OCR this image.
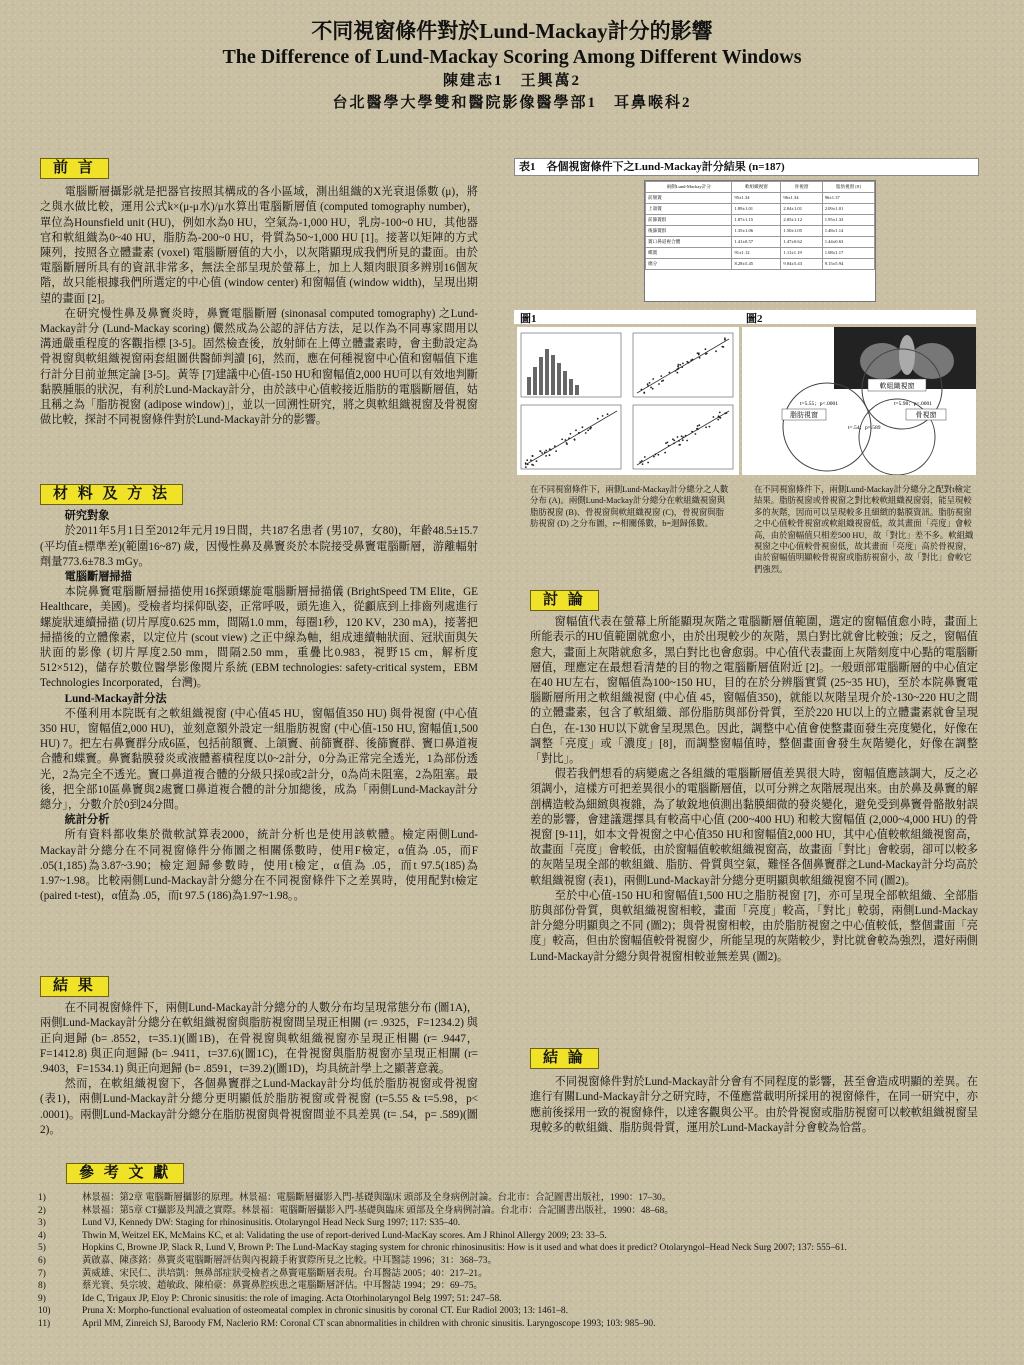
不同視窗條件對於Lund-Mackay計分的影響
The Difference of Lund-Mackay Scoring Among Different Windows
陳建志1　王興萬2
台北醫學大學雙和醫院影像醫學部1　耳鼻喉科2
前 言

電腦斷層攝影就是把器官按照其構成的各小區域，測出組織的X光衰退係數 (μ)，將之與水做比較，運用公式k×(μ-μ水)/μ水算出電腦斷層值 (computed tomography number)，單位為Hounsfield unit (HU)，例如水為0 HU，空氣為-1,000 HU，乳房-100~0 HU，其他器官和軟組織為0~40 HU，脂肪為-200~0 HU，骨質為50~1,000 HU [1]。接著以矩陣的方式陳列，按照各立體畫素 (voxel) 電腦斷層值的大小，以灰階顯現成我們所見的畫面。由於電腦斷層所具有的資訊非常多，無法全部呈現於螢幕上，加上人類肉眼頂多辨別16個灰階，故只能根據我們所選定的中心值 (window center) 和窗幅值 (window width)，呈現出期望的畫面 [2]。

在研究慢性鼻及鼻竇炎時，鼻竇電腦斷層 (sinonasal computed tomography) 之Lund-Mackay計分 (Lund-Mackay scoring) 儼然成為公認的評估方法，足以作為不同專家間用以溝通嚴重程度的客觀指標 [3-5]。固然檢查後，放射師在上傳立體畫素時，會主動設定為骨視窗與軟組織視窗兩套組圖供醫師判讀 [6]，然而，應在何種視窗中心值和窗幅值下進行計分目前並無定論 [3-5]。黃等 [7]建議中心值-150 HU和窗幅值2,000 HU可以有效地判斷黏膜腫脹的狀況，有利於Lund-Mackay計分，由於該中心值較接近脂肪的電腦斷層值，姑且稱之為「脂肪視窗 (adipose window)」，並以一回溯性研究，將之與軟組織視窗及骨視窗做比較，探討不同視窗條件對於Lund-Mackay計分的影響。

材 料 及 方 法

研究對象

於2011年5月1日至2012年元月19日間，共187名患者 (男107，女80)，年齡48.5±15.7 (平均值±標準差)(範圍16~87) 歲，因慢性鼻及鼻竇炎於本院接受鼻竇電腦斷層，游離輻射劑量773.6±78.3 mGy。

電腦斷層掃描

本院鼻竇電腦斷層掃描使用16探頭螺旋電腦斷層掃描儀 (BrightSpeed TM Elite，GE Healthcare，美國)。受檢者均採仰臥姿，正常呼吸，頭先進入，從顱底到上排齒列處進行螺旋狀連續掃描 (切片厚度0.625 mm，間隔1.0 mm，每圈1秒，120 KV，230 mA)，接著把掃描後的立體像素，以定位片 (scout view) 之正中線為軸，組成連續軸狀面、冠狀面與矢狀面的影像 (切片厚度2.50 mm，間隔2.50 mm，重疊比0.983，視野15 cm，解析度512×512)，儲存於數位醫學影像閱片系統 (EBM technologies: safety-critical system，EBM Technologies Incorporated，台灣)。

Lund-Mackay計分法

不僅利用本院既有之軟組織視窗 (中心值45 HU，窗幅值350 HU) 與骨視窗 (中心值350 HU，窗幅值2,000 HU)，並刻意額外設定一組脂肪視窗 (中心值-150 HU, 窗幅值1,500 HU) 7。把左右鼻竇群分成6區，包括前額竇、上頜竇、前篩竇群、後篩竇群、竇口鼻道複合體和蝶竇。鼻竇黏膜發炎或液體蓄積程度以0~2計分，0分為正常完全透光，1為部份透光，2為完全不透光。竇口鼻道複合體的分級只採0或2計分，0為尚未阻塞，2為阻塞。最後，把全部10區鼻竇與2處竇口鼻道複合體的計分加總後，成為「兩側Lund-Mackay計分總分」，分數介於0到24分間。

統計分析

所有資料都收集於微軟試算表2000，統計分析也是使用該軟體。檢定兩側Lund-Mackay計分總分在不同視窗條件分佈圖之相關係數時，使用F檢定，α值為 .05，而F .05(1,185)為3.87~3.90；檢定迴歸參數時，使用t檢定，α值為 .05，而t 97.5(185)為1.97~1.98。比較兩側Lund-Mackay計分總分在不同視窗條件下之差異時，使用配對t檢定 (paired t-test)，α值為 .05，而t 97.5 (186)為1.97~1.98。。

結 果

在不同視窗條件下，兩側Lund-Mackay計分總分的人數分布均呈現常態分布 (圖1A)，兩側Lund-Mackay計分總分在軟組織視窗與脂肪視窗間呈現正相關 (r= .9325，F=1234.2) 與正向迴歸 (b= .8552，t=35.1)(圖1B)，在骨視窗與軟組織視窗亦呈現正相關 (r= .9447，F=1412.8) 與正向迴歸 (b= .9411，t=37.6)(圖1C)，在骨視窗與脂肪視窗亦呈現正相關 (r= .9403，F=1534.1) 與正向迴歸 (b= .8591，t=39.2)(圖1D)，均具統計學上之顯著意義。

然而，在軟組織視窗下，各個鼻竇群之Lund-Mackay計分均低於脂肪視窗或骨視窗 (表1)，兩側Lund-Mackay計分總分更明顯低於脂肪視窗或骨視窗 (t=5.55 & t=5.98，p< .0001)。兩側Lund-Mackay計分總分在脂肪視窗與骨視窗間並不具差異 (t= .54，p= .589)(圖2)。

參 考 文 獻
表1　各個視窗條件下之Lund-Mackay計分結果 (n=187)
兩側Lund-Mackay計分	軟組織視窗	骨視窗	脂肪視窗 [8]
前額竇	95±1.34	96±1.34	96±1.37
上頜竇	1.89±1.01	2.04±1.01	2.09±1.01
前篩竇群	1.87±1.15	2.05±1.12	1.95±1.33
後篩竇群	1.35±1.06	1.50±1.05	1.48±1.14
竇口鼻道複合體	1.41±0.57	1.47±0.62	1.44±0.63
蝶竇	91±1.12	1.11±1.19	1.08±1.17
總分	8.28±5.45	9.04±5.43	9.15±5.94
圖1	圖2
軟組織視窗
脂肪視窗	骨視窗
t=5.55；p<.0001	t=5.98；p<.0001
t=.54；p=.589
在不同視窗條件下，兩側Lund-Mackay計分總分之人數分布 (A)。兩側Lund-Mackay計分總分在軟組織視窗與脂肪視窗 (B)、骨視窗與軟組織視窗 (C)，骨視窗與脂肪視窗 (D) 之分布圖，r=相關係數，b=迴歸係數。
在不同視窗條件下，兩側Lund-Mackay計分總分之配對t檢定結果。脂肪視窗或骨視窗之對比較軟組織視窗弱，能呈現較多的灰階，因而可以呈現較多且細緻的黏膜資訊。脂肪視窗之中心值較骨視窗或軟組織視窗低，故其畫面「亮度」會較高，由於窗幅值只相差500 HU，故「對比」差不多。軟組織視窗之中心值較骨視窗低，故其畫面「亮度」高於骨視窗，由於窗幅值明顯較骨視窗或脂肪視窗小，故「對比」會較它們強烈。
討 論

窗幅值代表在螢幕上所能顯現灰階之電腦斷層值範圍，選定的窗幅值愈小時，畫面上所能表示的HU值範圍就愈小，由於出現較少的灰階，黑白對比就會比較強；反之，窗幅值愈大，畫面上灰階就愈多，黑白對比也會愈弱。中心值代表畫面上灰階刻度中心點的電腦斷層值，理應定在最想看清楚的目的物之電腦斷層值附近 [2]。一般頭部電腦斷層的中心值定在40 HU左右，窗幅值為100~150 HU，目的在於分辨腦實質 (25~35 HU)，至於本院鼻竇電腦斷層所用之軟組織視窗 (中心值 45，窗幅值350)，就能以灰階呈現介於-130~220 HU之間的立體畫素，包含了軟組織、部份脂肪與部份骨質，至於220 HU以上的立體畫素就會呈現白色，在-130 HU以下就會呈現黑色。因此，調整中心值會使整畫面發生亮度變化，好像在調整「亮度」或「濃度」[8]，而調整窗幅值時，整個畫面會發生灰階變化，好像在調整「對比」。

假若我們想看的病變處之各組織的電腦斷層值差異很大時，窗幅值應該調大，反之必須調小，這樣方可把差異很小的電腦斷層值，以可分辨之灰階展現出來。由於鼻及鼻竇的解剖構造較為細緻與複雜，為了敏銳地偵測出黏膜細微的發炎變化，避免受到鼻竇骨骼散射誤差的影響，會建議選擇具有較高中心值 (200~400 HU) 和較大窗幅值 (2,000~4,000 HU) 的骨視窗 [9-11]，如本文骨視窗之中心值350 HU和窗幅值2,000 HU，其中心值較軟組織視窗高，故畫面「亮度」會較低，由於窗幅值較軟組織視窗高，故畫面「對比」會較弱，卻可以較多的灰階呈現全部的軟組織、脂肪、骨質與空氣，難怪各個鼻竇群之Lund-Mackay計分均高於軟組織視窗 (表1)，兩側Lund-Mackay計分總分更明顯與軟組織視窗不同 (圖2)。

至於中心值-150 HU和窗幅值1,500 HU之脂肪視窗 [7]，亦可呈現全部軟組織、全部脂肪與部份骨質，與軟組織視窗相較，畫面「亮度」較高，「對比」較弱，兩側Lund-Mackay計分總分明顯與之不同 (圖2)；與骨視窗相較，由於脂肪視窗之中心值較低，整個畫面「亮度」較高，但由於窗幅值較骨視窗少，所能呈現的灰階較少，對比就會較為強烈，還好兩側Lund-Mackay計分總分與骨視窗相較並無差異 (圖2)。

結 論

不同視窗條件對於Lund-Mackay計分會有不同程度的影響，甚至會造成明顯的差異。在進行有關Lund-Mackay計分之研究時，不僅應當載明所採用的視窗條件，在同一研究中，亦應前後採用一致的視窗條件，以達客觀與公平。由於骨視窗或脂肪視窗可以較軟組織視窗呈現較多的軟組織、脂肪與骨質，運用於Lund-Mackay計分會較為恰當。

1)	林景福：第2章 電腦斷層攝影的原理。林景福：電腦斷層攝影入門-基礎與臨床 頭部及全身病例討論。台北市：合記圖書出版社，1990：17–30。
2)	林景福：第5章 CT攝影及判讀之實際。林景福：電腦斷層攝影入門-基礎與臨床 頭部及全身病例討論。台北市：合記圖書出版社，1990：48–68。
3)	Lund VJ, Kennedy DW: Staging for rhinosinusitis. Otolaryngol Head Neck Surg 1997; 117: S35–40.
4)	Thwin M, Weitzel EK, McMains KC, et al: Validating the use of report-derived Lund-MacKay scores. Am J Rhinol Allergy 2009; 23: 33–5.
5)	Hopkins C, Browne JP, Slack R, Lund V, Brown P: The Lund-MacKay staging system for chronic rhinosinusitis: How is it used and what does it predict? Otolaryngol–Head Neck Surg 2007; 137: 555–61.
6)	黃啟嘉、陳彥銘：鼻竇炎電腦斷層評估與內視鏡手術實際所見之比較。中耳醫誌 1996；31：368–73。
7)	黃威雄、宋民仁、洪培凱：無鼻部症狀受檢者之鼻竇電腦斷層表現。台耳醫誌 2005；40：217–21。
8)	蔡光寰、吳宗坡、趙敏政、陳柏豪：鼻竇鼻腔疾患之電腦斷層評估。中耳醫誌 1994；29：69–75。
9)	Ide C, Trigaux JP, Eloy P: Chronic sinusitis: the role of imaging. Acta Otorhinolaryngol Belg 1997; 51: 247–58.
10)	Pruna X: Morpho-functional evaluation of osteomeatal complex in chronic sinusitis by coronal CT. Eur Radiol 2003; 13: 1461–8.
11)	April MM, Zinreich SJ, Baroody FM, Naclerio RM: Coronal CT scan abnormalities in children with chronic sinusitis. Laryngoscope 1993; 103: 985–90.
